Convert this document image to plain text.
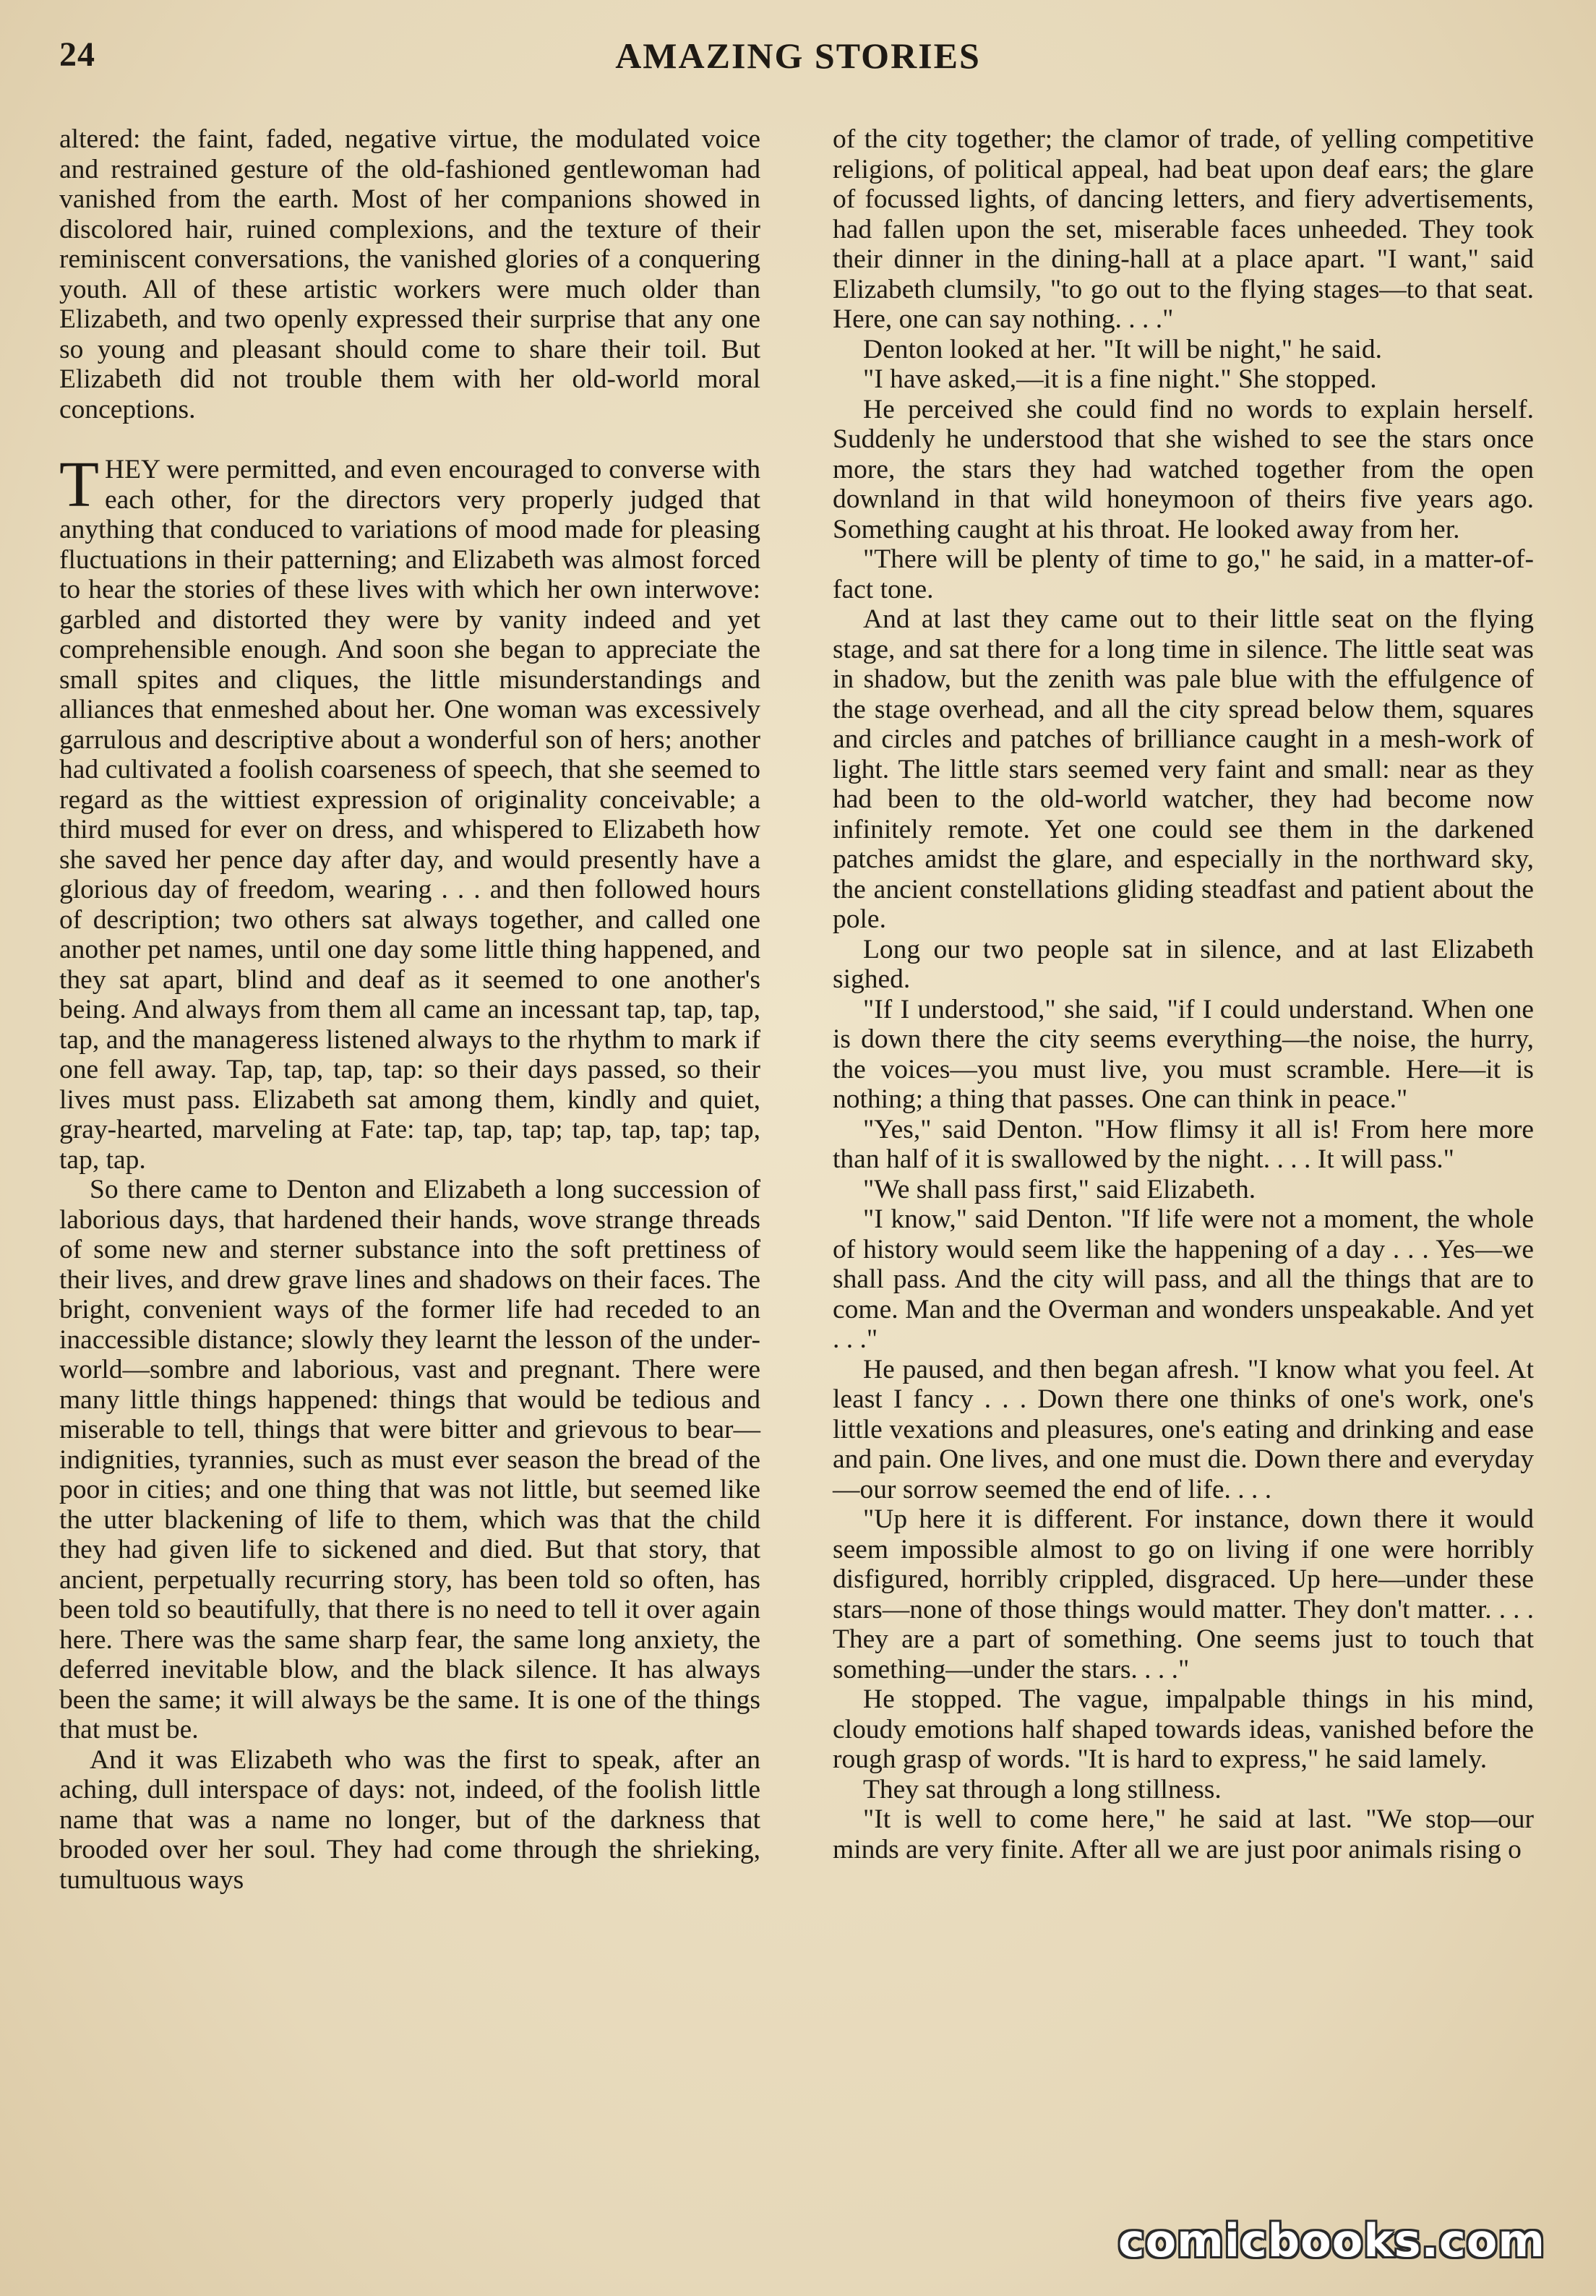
24	AMAZING STORIES

altered: the faint, faded, negative virtue, the modulated voice and restrained gesture of the old-fashioned gentlewoman had vanished from the earth. Most of her companions showed in discolored hair, ruined complexions, and the texture of their reminiscent conversations, the vanished glories of a conquering youth. All of these artistic workers were much older than Elizabeth, and two openly expressed their surprise that any one so young and pleasant should come to share their toil. But Elizabeth did not trouble them with her old-world moral conceptions.

THEY were permitted, and even encouraged to converse with each other, for the directors very properly judged that anything that conduced to variations of mood made for pleasing fluctuations in their patterning; and Elizabeth was almost forced to hear the stories of these lives with which her own interwove: garbled and distorted they were by vanity indeed and yet comprehensible enough. And soon she began to appreciate the small spites and cliques, the little misunderstandings and alliances that enmeshed about her. One woman was excessively garrulous and descriptive about a wonderful son of hers; another had cultivated a foolish coarseness of speech, that she seemed to regard as the wittiest expression of originality conceivable; a third mused for ever on dress, and whispered to Elizabeth how she saved her pence day after day, and would presently have a glorious day of freedom, wearing . . . and then followed hours of description; two others sat always together, and called one another pet names, until one day some little thing happened, and they sat apart, blind and deaf as it seemed to one another's being. And always from them all came an incessant tap, tap, tap, tap, and the manageress listened always to the rhythm to mark if one fell away. Tap, tap, tap, tap: so their days passed, so their lives must pass. Elizabeth sat among them, kindly and quiet, gray-hearted, marveling at Fate: tap, tap, tap; tap, tap, tap; tap, tap, tap.

So there came to Denton and Elizabeth a long succession of laborious days, that hardened their hands, wove strange threads of some new and sterner substance into the soft prettiness of their lives, and drew grave lines and shadows on their faces. The bright, convenient ways of the former life had receded to an inaccessible distance; slowly they learnt the lesson of the under-world—sombre and laborious, vast and pregnant. There were many little things happened: things that would be tedious and miserable to tell, things that were bitter and grievous to bear—indignities, tyrannies, such as must ever season the bread of the poor in cities; and one thing that was not little, but seemed like the utter blackening of life to them, which was that the child they had given life to sickened and died. But that story, that ancient, perpetually recurring story, has been told so often, has been told so beautifully, that there is no need to tell it over again here. There was the same sharp fear, the same long anxiety, the deferred inevitable blow, and the black silence. It has always been the same; it will always be the same. It is one of the things that must be.

And it was Elizabeth who was the first to speak, after an aching, dull interspace of days: not, indeed, of the foolish little name that was a name no longer, but of the darkness that brooded over her soul. They had come through the shrieking, tumultuous ways

of the city together; the clamor of trade, of yelling competitive religions, of political appeal, had beat upon deaf ears; the glare of focussed lights, of dancing letters, and fiery advertisements, had fallen upon the set, miserable faces unheeded. They took their dinner in the dining-hall at a place apart. "I want," said Elizabeth clumsily, "to go out to the flying stages—to that seat. Here, one can say nothing. . . ."

Denton looked at her. "It will be night," he said.

"I have asked,—it is a fine night." She stopped.

He perceived she could find no words to explain herself. Suddenly he understood that she wished to see the stars once more, the stars they had watched together from the open downland in that wild honeymoon of theirs five years ago. Something caught at his throat. He looked away from her.

"There will be plenty of time to go," he said, in a matter-of-fact tone.

And at last they came out to their little seat on the flying stage, and sat there for a long time in silence. The little seat was in shadow, but the zenith was pale blue with the effulgence of the stage overhead, and all the city spread below them, squares and circles and patches of brilliance caught in a mesh-work of light. The little stars seemed very faint and small: near as they had been to the old-world watcher, they had become now infinitely remote. Yet one could see them in the darkened patches amidst the glare, and especially in the northward sky, the ancient constellations gliding steadfast and patient about the pole.

Long our two people sat in silence, and at last Elizabeth sighed.

"If I understood," she said, "if I could understand. When one is down there the city seems everything—the noise, the hurry, the voices—you must live, you must scramble. Here—it is nothing; a thing that passes. One can think in peace."

"Yes," said Denton. "How flimsy it all is! From here more than half of it is swallowed by the night. . . . It will pass."

"We shall pass first," said Elizabeth.

"I know," said Denton. "If life were not a moment, the whole of history would seem like the happening of a day . . . Yes—we shall pass. And the city will pass, and all the things that are to come. Man and the Overman and wonders unspeakable. And yet . . ."

He paused, and then began afresh. "I know what you feel. At least I fancy . . . Down there one thinks of one's work, one's little vexations and pleasures, one's eating and drinking and ease and pain. One lives, and one must die. Down there and everyday—our sorrow seemed the end of life. . . .

"Up here it is different. For instance, down there it would seem impossible almost to go on living if one were horribly disfigured, horribly crippled, disgraced. Up here—under these stars—none of those things would matter. They don't matter. . . . They are a part of something. One seems just to touch that something—under the stars. . . ."

He stopped. The vague, impalpable things in his mind, cloudy emotions half shaped towards ideas, vanished before the rough grasp of words. "It is hard to express," he said lamely.

They sat through a long stillness.

"It is well to come here," he said at last. "We stop—our minds are very finite. After all we are just poor animals rising o

comicbooks.com
